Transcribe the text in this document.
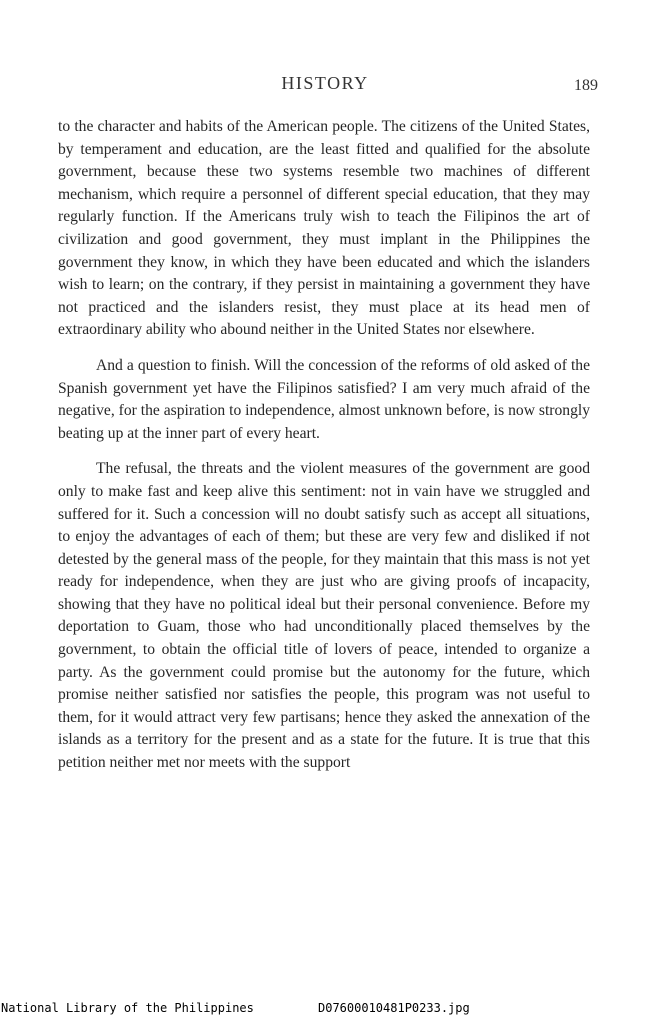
HISTORY	189

to the character and habits of the American people. The citizens of the United States, by temperament and education, are the least fitted and qualified for the absolute government, because these two systems resemble two machines of different mechanism, which require a personnel of different special education, that they may regularly function. If the Americans truly wish to teach the Filipinos the art of civilization and good government, they must implant in the Philippines the government they know, in which they have been educated and which the islanders wish to learn; on the contrary, if they persist in maintaining a government they have not practiced and the islanders resist, they must place at its head men of extraordinary ability who abound neither in the United States nor elsewhere.

And a question to finish. Will the concession of the reforms of old asked of the Spanish government yet have the Filipinos satisfied? I am very much afraid of the negative, for the aspiration to independence, almost unknown before, is now strongly beating up at the inner part of every heart.

The refusal, the threats and the violent measures of the government are good only to make fast and keep alive this sentiment: not in vain have we struggled and suffered for it. Such a concession will no doubt satisfy such as accept all situations, to enjoy the advantages of each of them; but these are very few and disliked if not detested by the general mass of the people, for they maintain that this mass is not yet ready for independence, when they are just who are giving proofs of incapacity, showing that they have no political ideal but their personal convenience. Before my deportation to Guam, those who had unconditionally placed themselves by the government, to obtain the official title of lovers of peace, intended to organize a party. As the government could promise but the autonomy for the future, which promise neither satisfied nor satisfies the people, this program was not useful to them, for it would attract very few partisans; hence they asked the annexation of the islands as a territory for the present and as a state for the future. It is true that this petition neither met nor meets with the support

National Library of the Philippines

	D07600010481P0233.jpg
